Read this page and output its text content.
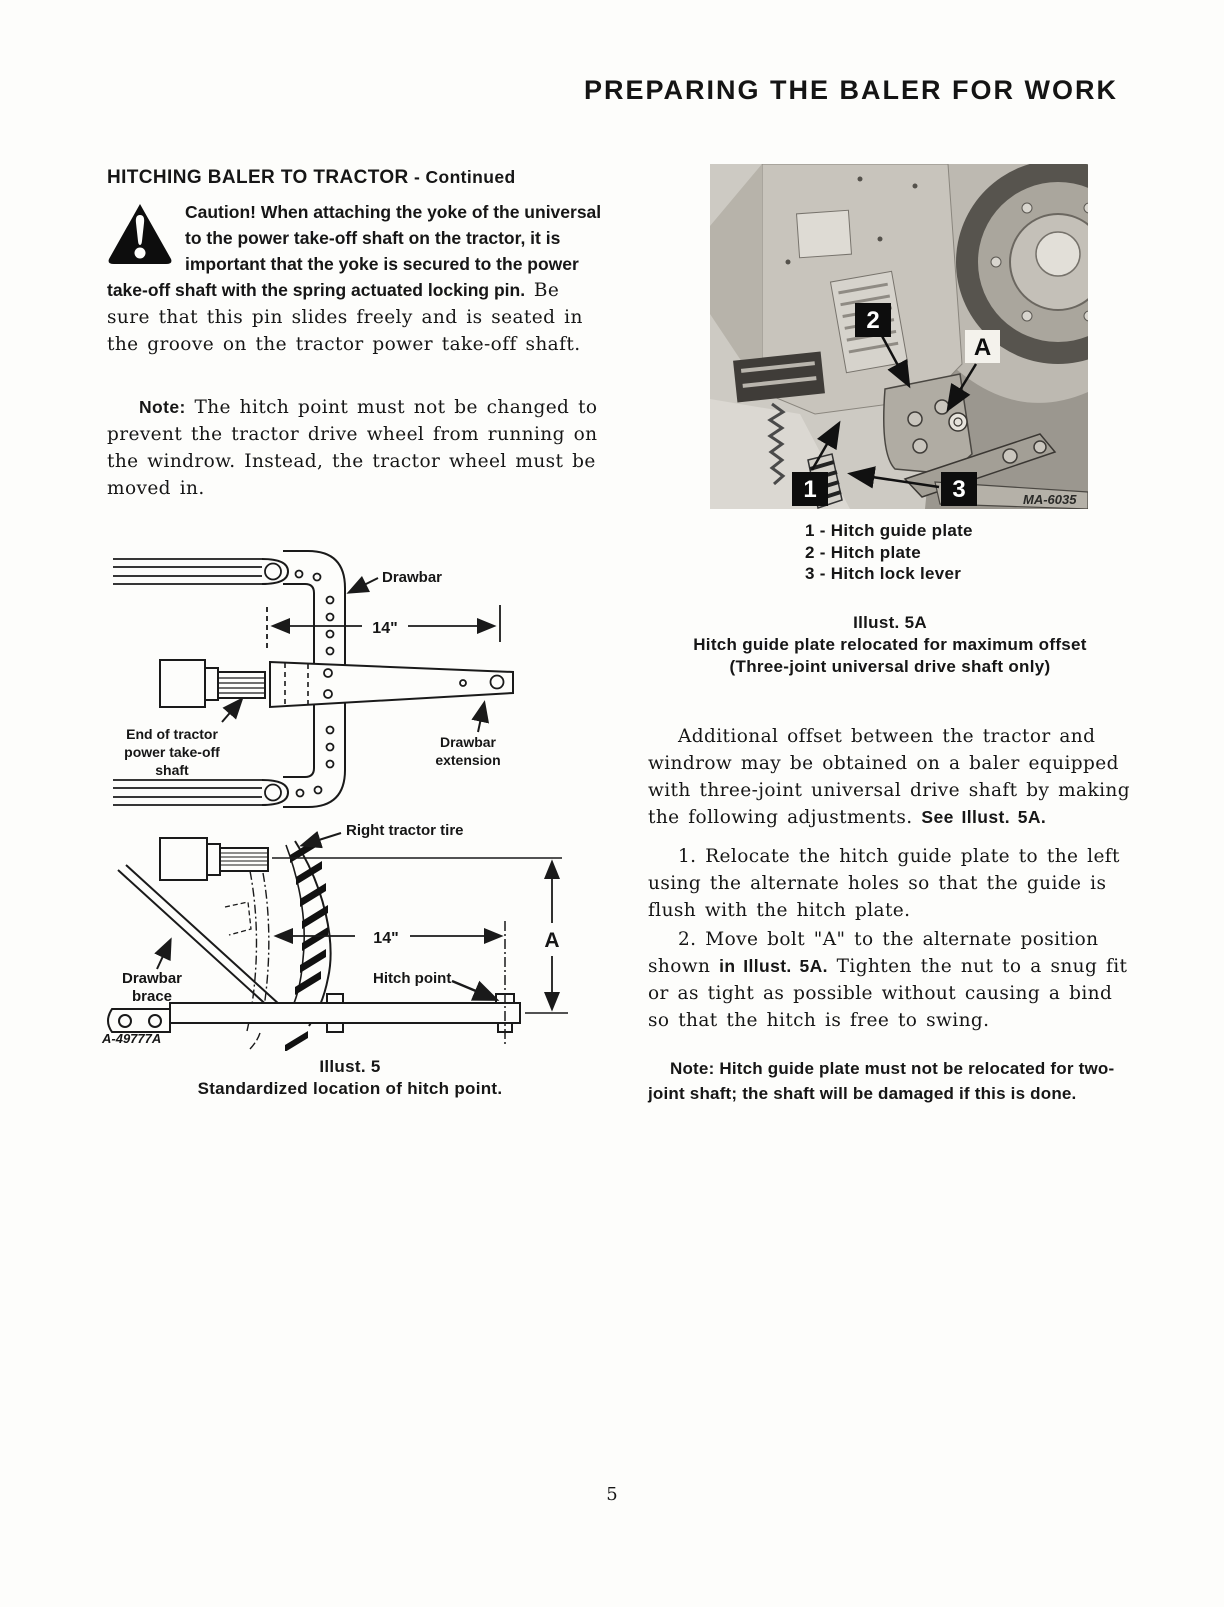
PREPARING THE BALER FOR WORK
HITCHING BALER TO TRACTOR - Continued
Caution! When attaching the yoke of the universal to the power take-off shaft on the tractor, it is important that the yoke is secured to the power take-off shaft with the spring actuated locking pin. Be sure that this pin slides freely and is seated in the groove on the tractor power take-off shaft.
Note: The hitch point must not be changed to prevent the tractor drive wheel from running on the windrow. Instead, the tractor wheel must be moved in.
14"
Drawbar
End of tractor
power take-off
shaft
Drawbar
extension
14"	A
Right tractor tire
Drawbar
brace
Hitch point
A-49777A
Illust. 5
Standardized location of hitch point.
2
A
1	3	MA-6035
1 - Hitch guide plate
2 - Hitch plate
3 - Hitch lock lever
Illust. 5A
Hitch guide plate relocated for maximum offset
(Three-joint universal drive shaft only)
Additional offset between the tractor and windrow may be obtained on a baler equipped with three-joint universal drive shaft by making the following adjustments. See Illust. 5A.
1. Relocate the hitch guide plate to the left using the alternate holes so that the guide is flush with the hitch plate.
2. Move bolt "A" to the alternate position shown in Illust. 5A. Tighten the nut to a snug fit or as tight as possible without causing a bind so that the hitch is free to swing.
Note: Hitch guide plate must not be relocated for two-joint shaft; the shaft will be damaged if this is done.
5
